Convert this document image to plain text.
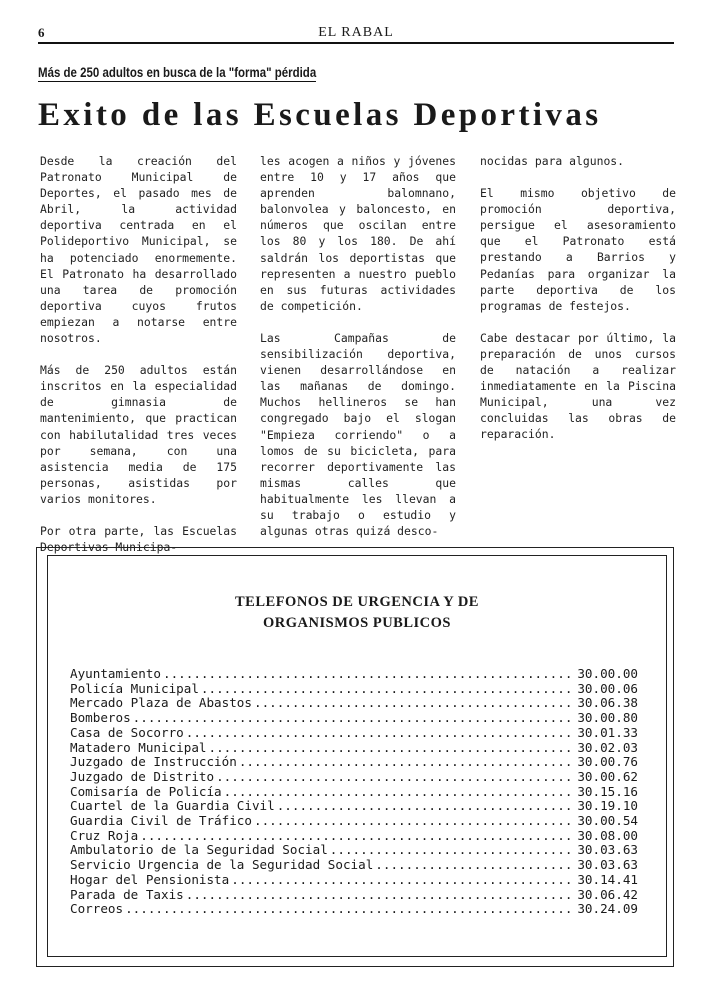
6	EL RABAL
Más de 250 adultos en busca de la "forma" pérdida
Exito de las Escuelas Deportivas

Desde la creación del Patronato Municipal de Deportes, el pasado mes de Abril, la actividad deportiva centrada en el Polideportivo Municipal, se ha potenciado enormemente. El Patronato ha desarrollado una tarea de promoción deportiva cuyos frutos empiezan a notarse entre nosotros.

Más de 250 adultos están inscritos en la especialidad de gimnasia de mantenimiento, que practican con habilutalidad tres veces por semana, con una asistencia media de 175 personas, asistidas por varios monitores.

Por otra parte, las Escuelas Deportivas Municipa-

les acogen a niños y jóvenes entre 10 y 17 años que aprenden balomnano, balonvolea y baloncesto, en números que oscilan entre los 80 y los 180. De ahí saldrán los deportistas que representen a nuestro pueblo en sus futuras actividades de competición.

Las Campañas de sensibilización deportiva, vienen desarrollándose en las mañanas de domingo. Muchos hellineros se han congregado bajo el slogan "Empieza corriendo" o a lomos de su bicicleta, para recorrer deportivamente las mismas calles que habitualmente les llevan a su trabajo o estudio y algunas otras quizá desco-

nocidas para algunos.

El mismo objetivo de promoción deportiva, persigue el asesoramiento que el Patronato está prestando a Barrios y Pedanías para organizar la parte deportiva de los programas de festejos.

Cabe destacar por último, la preparación de unos cursos de natación a realizar inmediatamente en la Piscina Municipal, una vez concluidas las obras de reparación.

TELEFONOS DE URGENCIA Y DE
ORGANISMOS PUBLICOS
Ayuntamiento .....	30.00.00
Policía Municipal .....	30.00.06
Mercado Plaza de Abastos .....	30.06.38
Bomberos .....	30.00.80
Casa de Socorro .....	30.01.33
Matadero Municipal .....	30.02.03
Juzgado de Instrucción .....	30.00.76
Juzgado de Distrito .....	30.00.62
Comisaría de Policía .....	30.15.16
Cuartel de la Guardia Civil .....	30.19.10
Guardia Civil de Tráfico .....	30.00.54
Cruz Roja .....	30.08.00
Ambulatorio de la Seguridad Social .....	30.03.63
Servicio Urgencia de la Seguridad Social .....	30.03.63
Hogar del Pensionista .....	30.14.41
Parada de Taxis .....	30.06.42
Correos .....	30.24.09
